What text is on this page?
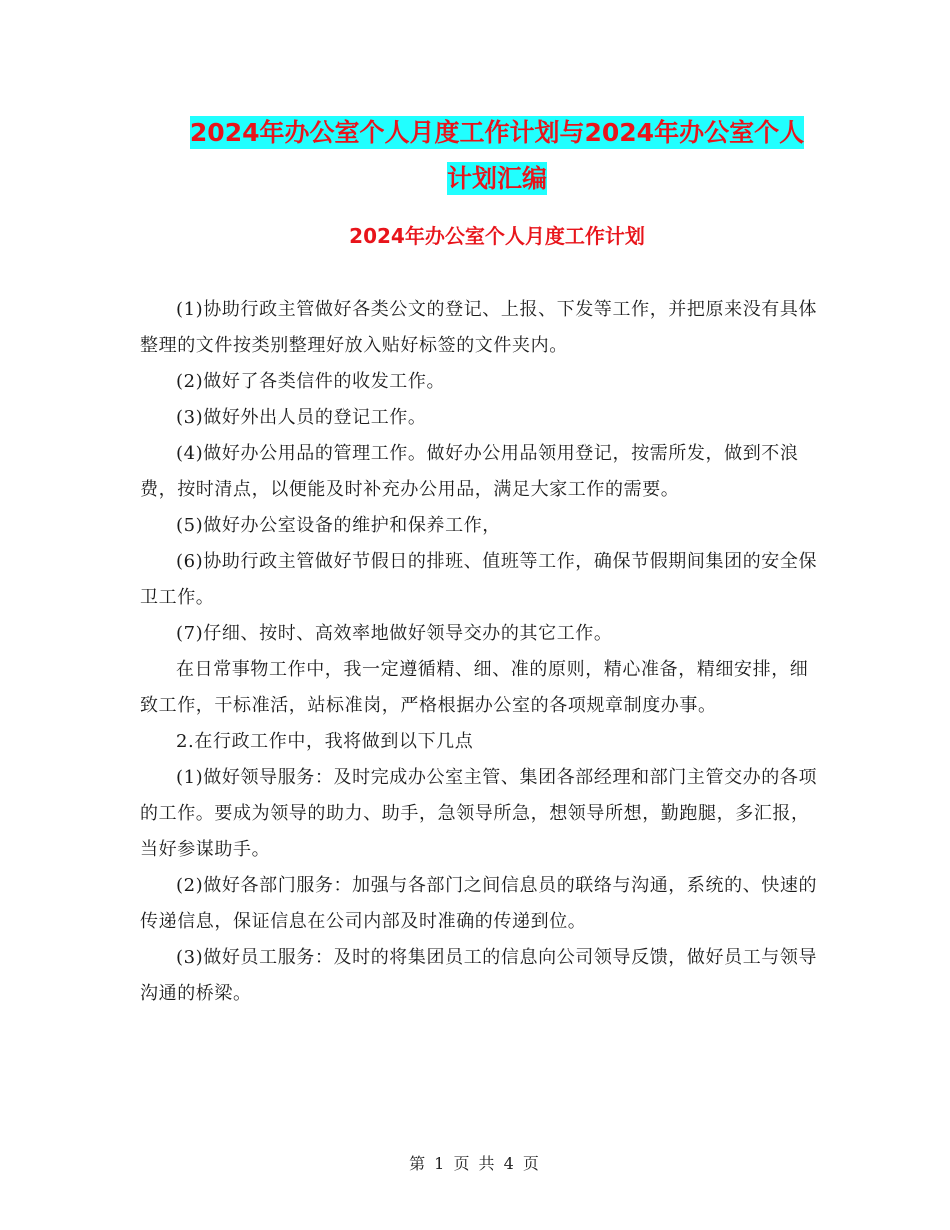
2024年办公室个人月度工作计划与2024年办公室个人
计划汇编
2024年办公室个人月度工作计划

(1)协助行政主管做好各类公文的登记、上报、下发等工作，并把原来没有具体整理的文件按类别整理好放入贴好标签的文件夹内。

(2)做好了各类信件的收发工作。

(3)做好外出人员的登记工作。

(4)做好办公用品的管理工作。做好办公用品领用登记，按需所发，做到不浪费，按时清点，以便能及时补充办公用品，满足大家工作的需要。

(5)做好办公室设备的维护和保养工作，

(6)协助行政主管做好节假日的排班、值班等工作，确保节假期间集团的安全保卫工作。

(7)仔细、按时、高效率地做好领导交办的其它工作。

在日常事物工作中，我一定遵循精、细、准的原则，精心准备，精细安排，细致工作，干标准活，站标准岗，严格根据办公室的各项规章制度办事。

2.在行政工作中，我将做到以下几点

(1)做好领导服务：及时完成办公室主管、集团各部经理和部门主管交办的各项的工作。要成为领导的助力、助手，急领导所急，想领导所想，勤跑腿，多汇报，当好参谋助手。

(2)做好各部门服务：加强与各部门之间信息员的联络与沟通，系统的、快速的传递信息，保证信息在公司内部及时准确的传递到位。

(3)做好员工服务：及时的将集团员工的信息向公司领导反馈，做好员工与领导沟通的桥梁。

第 1 页 共 4 页
